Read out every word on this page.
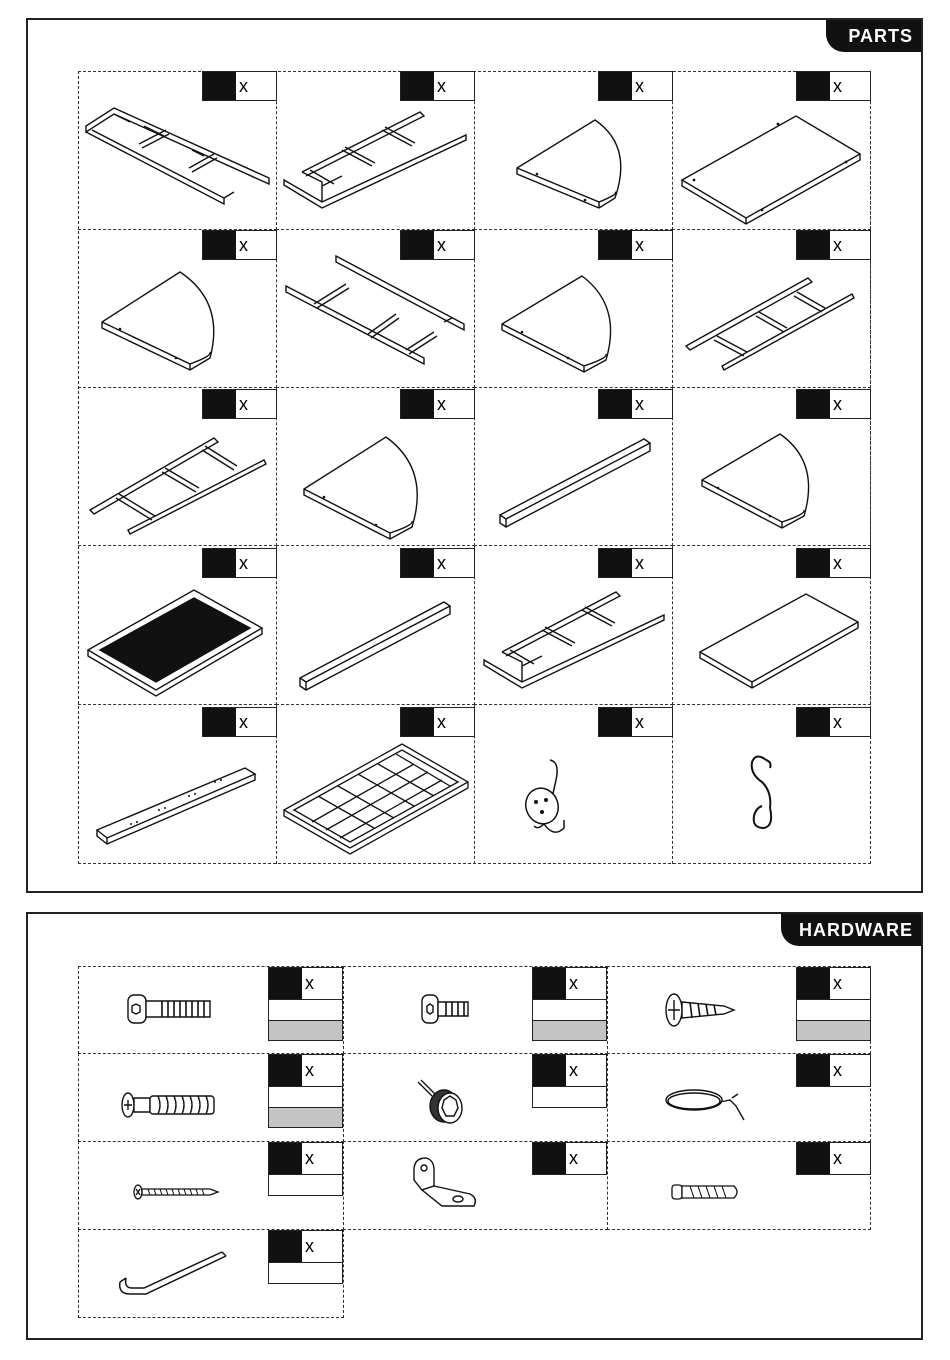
PARTS
x	x	x	x
x	x	x	x
x	x	x	x
x	x	x	x
x	x	x	x
HARDWARE
x	x	x
x	x	x
x	x	x
x
